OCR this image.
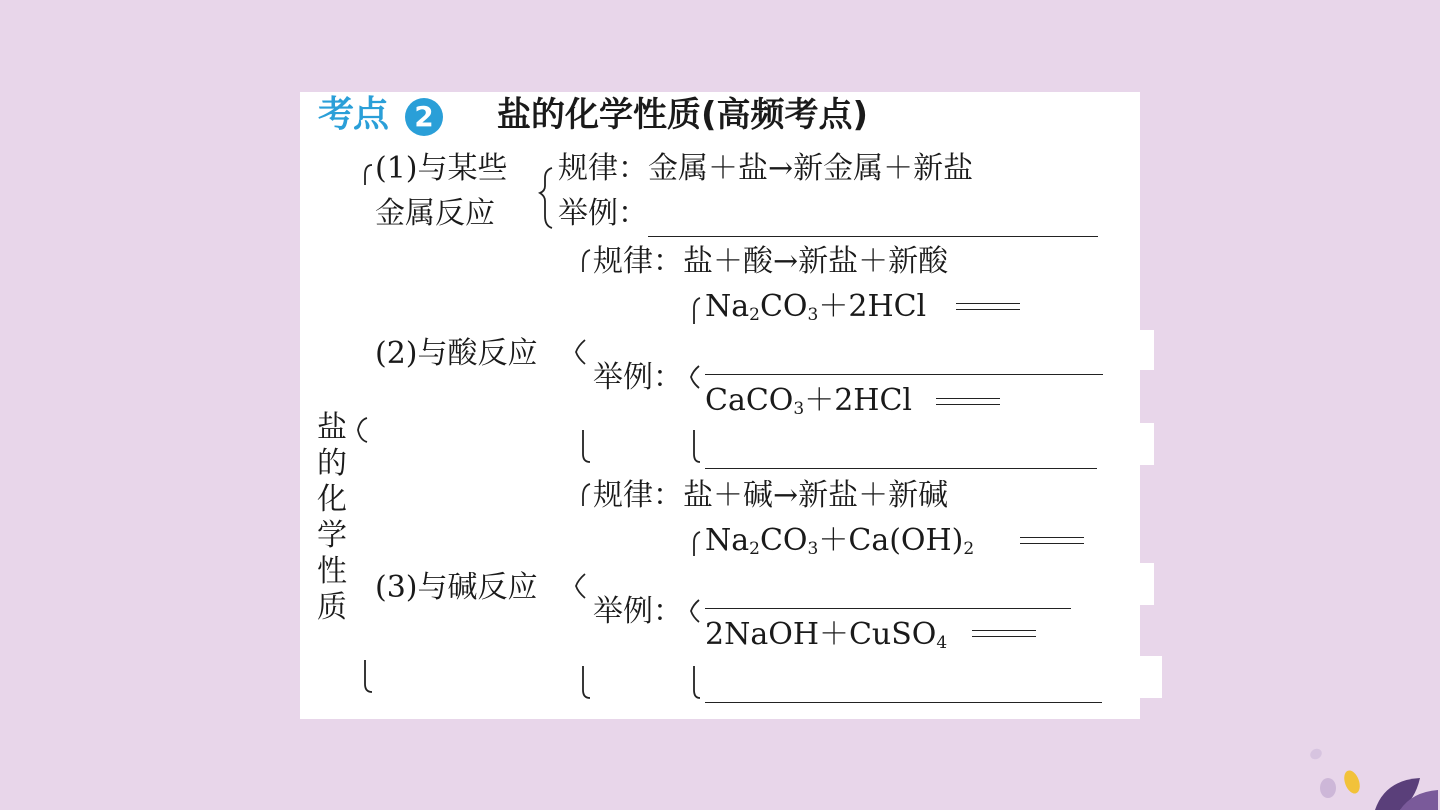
考点 2 盐的化学性质(高频考点)
盐
的
化
学
性
质
(1)与某些
金属反应
规律：金属＋盐→新金属＋新盐
举例：
(2)与酸反应
规律：盐＋酸→新盐＋新酸
举例：
$Na_2CO_3+2HCl$
CaCO$_3$＋2HCl
(3)与碱反应
规律：盐＋碱→新盐＋新碱
举例：
$Na_2CO_3+Ca(OH)_2$
2NaOH＋CuSO$_4$
